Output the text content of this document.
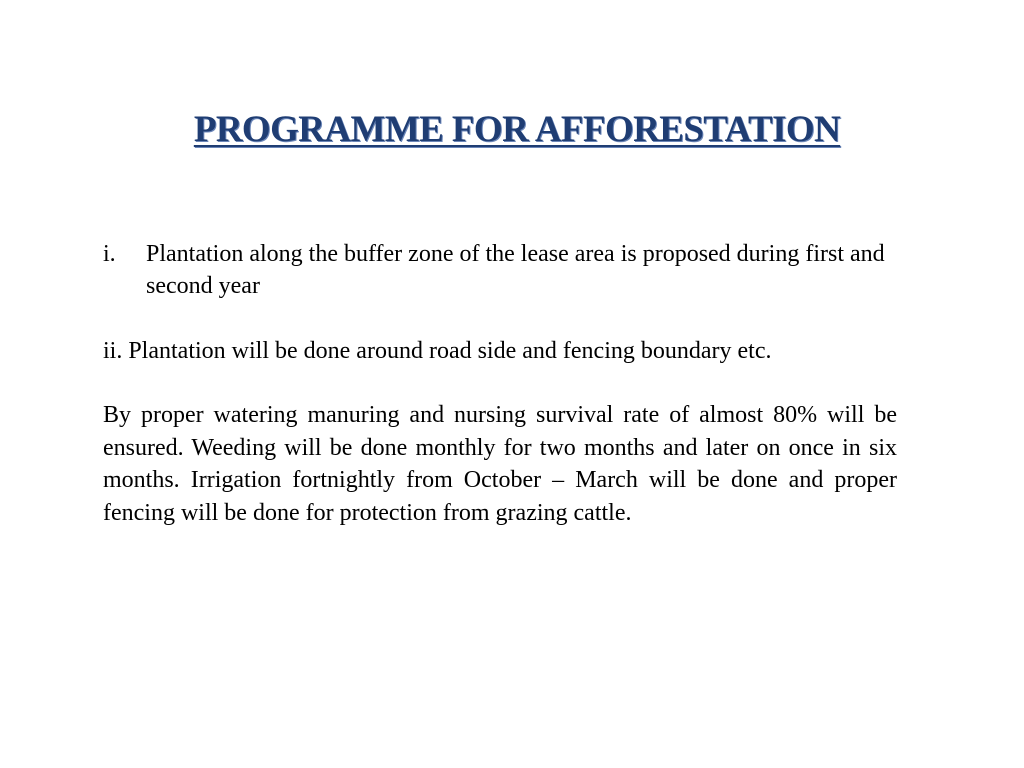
PROGRAMME FOR AFFORESTATION
i. Plantation along the buffer zone of the lease area is proposed during first and second year

ii. Plantation will be done around road side and fencing boundary etc.

By proper watering manuring and nursing survival rate of almost 80% will be ensured. Weeding will be done monthly for two months and later on once in six months. Irrigation fortnightly from October – March will be done and proper fencing will be done for protection from grazing cattle.
